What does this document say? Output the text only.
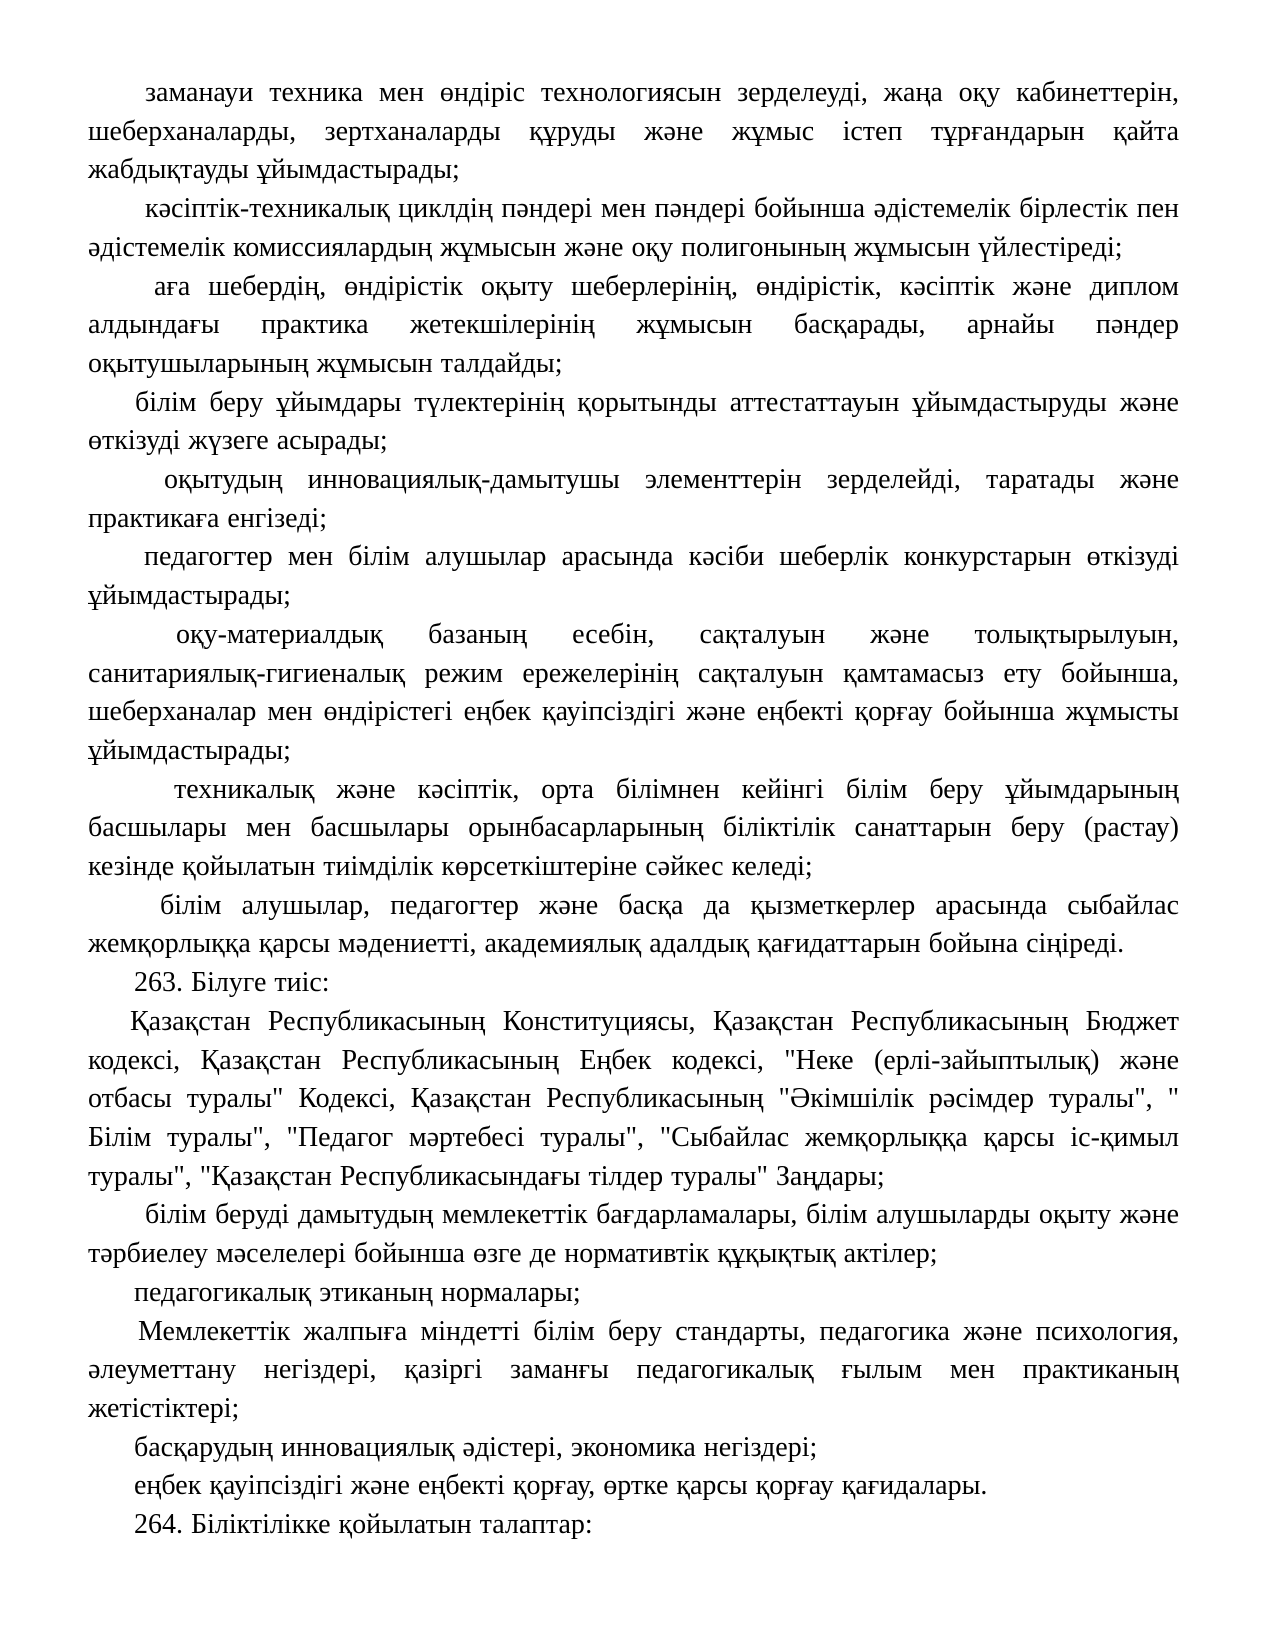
заманауи техника мен өндіріс технологиясын зерделеуді, жаңа оқу кабинеттерін, шеберханаларды, зертханаларды құруды және жұмыс істеп тұрғандарын қайта жабдықтауды ұйымдастырады;

кәсіптік-техникалық циклдің пәндері мен пәндері бойынша әдістемелік бірлестік пен әдістемелік комиссиялардың жұмысын және оқу полигонының жұмысын үйлестіреді;

аға шебердің, өндірістік оқыту шеберлерінің, өндірістік, кәсіптік және диплом алдындағы практика жетекшілерінің жұмысын басқарады, арнайы пәндер оқытушыларының жұмысын талдайды;

білім беру ұйымдары түлектерінің қорытынды аттестаттауын ұйымдастыруды және өткізуді жүзеге асырады;

оқытудың инновациялық-дамытушы элементтерін зерделейді, таратады және практикаға енгізеді;

педагогтер мен білім алушылар арасында кәсіби шеберлік конкурстарын өткізуді ұйымдастырады;

оқу-материалдық базаның есебін, сақталуын және толықтырылуын, санитариялық-гигиеналық режим ережелерінің сақталуын қамтамасыз ету бойынша, шеберханалар мен өндірістегі еңбек қауіпсіздігі және еңбекті қорғау бойынша жұмысты ұйымдастырады;

техникалық және кәсіптік, орта білімнен кейінгі білім беру ұйымдарының басшылары мен басшылары орынбасарларының біліктілік санаттарын беру (растау) кезінде қойылатын тиімділік көрсеткіштеріне сәйкес келеді;

білім алушылар, педагогтер және басқа да қызметкерлер арасында сыбайлас жемқорлыққа қарсы мәдениетті, академиялық адалдық қағидаттарын бойына сіңіреді.

263. Білуге тиіс:

Қазақстан Республикасының Конституциясы, Қазақстан Республикасының Бюджет кодексі, Қазақстан Республикасының Еңбек кодексі, "Неке (ерлі-зайыптылық) және отбасы туралы" Кодексі, Қазақстан Республикасының "Әкімшілік рәсімдер туралы", " Білім туралы", "Педагог мәртебесі туралы", "Сыбайлас жемқорлыққа қарсы іс-қимыл туралы", "Қазақстан Республикасындағы тілдер туралы" Заңдары;

білім беруді дамытудың мемлекеттік бағдарламалары, білім алушыларды оқыту және тәрбиелеу мәселелері бойынша өзге де нормативтік құқықтық актілер;

педагогикалық этиканың нормалары;

Мемлекеттік жалпыға міндетті білім беру стандарты, педагогика және психология, әлеуметтану негіздері, қазіргі заманғы педагогикалық ғылым мен практиканың жетістіктері;

басқарудың инновациялық әдістері, экономика негіздері;

еңбек қауіпсіздігі және еңбекті қорғау, өртке қарсы қорғау қағидалары.

264. Біліктілікке қойылатын талаптар:
